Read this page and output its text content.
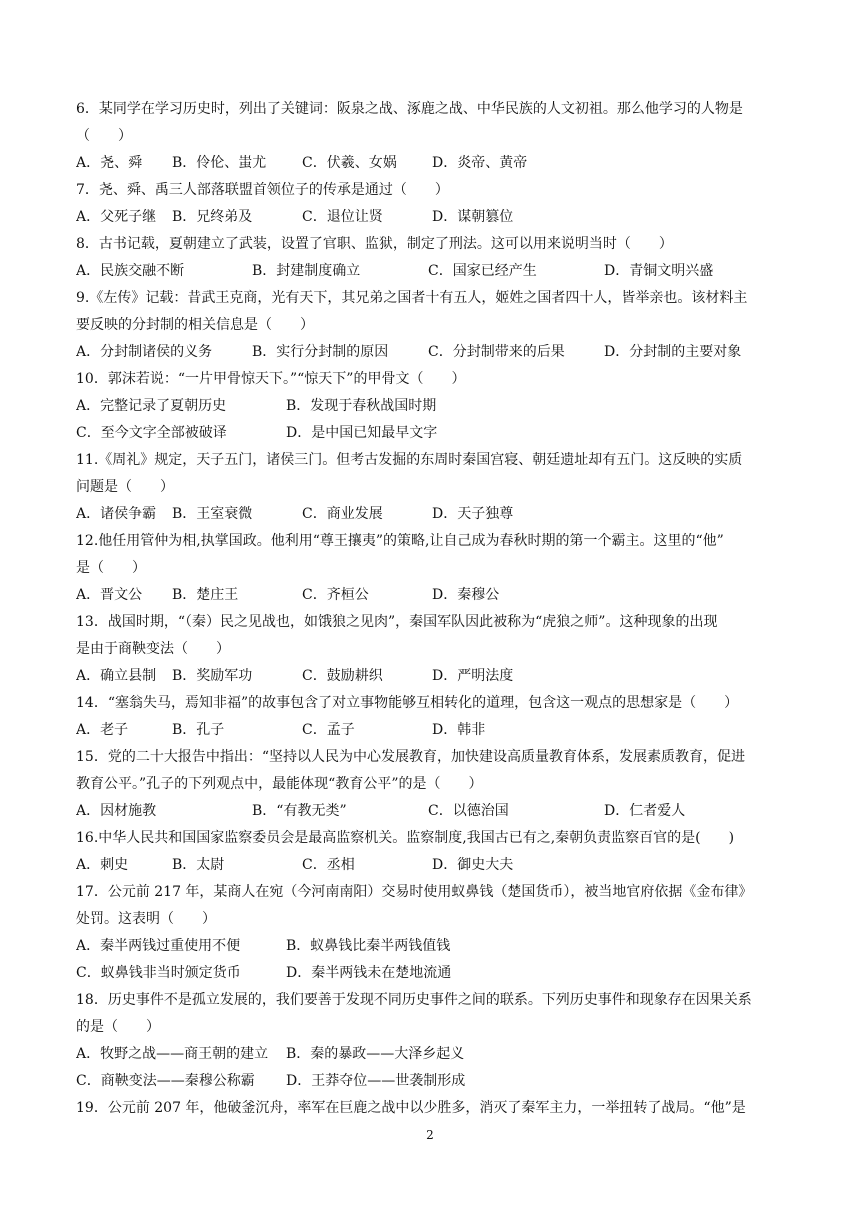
6．某同学在学习历史时，列出了关键词：阪泉之战、涿鹿之战、中华民族的人文初祖。那么他学习的人物是
（　　）
A．尧、舜 B．伶伦、蚩尤	C．伏羲、女娲	D．炎帝、黄帝
7．尧、舜、禹三人部落联盟首领位子的传承是通过（　　）
A．父死子继 B．兄终弟及	C．退位让贤	D．谋朝篡位
8．古书记载，夏朝建立了武装，设置了官职、监狱，制定了刑法。这可以用来说明当时（　　）
A．民族交融不断	B．封建制度确立	C．国家已经产生	D．青铜文明兴盛
9.《左传》记载：昔武王克商，光有天下，其兄弟之国者十有五人，姬姓之国者四十人，皆举亲也。该材料主
要反映的分封制的相关信息是（　　）
A．分封制诸侯的义务	B．实行分封制的原因	C．分封制带来的后果	D．分封制的主要对象
10．郭沫若说：“一片甲骨惊天下。”“惊天下”的甲骨文（　　）
A．完整记录了夏朝历史	B．发现于春秋战国时期
C．至今文字全部被破译	D．是中国已知最早文字
11.《周礼》规定，天子五门，诸侯三门。但考古发掘的东周时秦国宫寝、朝廷遗址却有五门。这反映的实质
问题是（　　）
A．诸侯争霸 B．王室衰微	C．商业发展	D．天子独尊
12.他任用管仲为相,执掌国政。他利用“尊王攘夷”的策略,让自己成为春秋时期的第一个霸主。这里的“他”
是（　　）
A．晋文公 B．楚庄王	C．齐桓公	D．秦穆公
13．战国时期，“（秦）民之见战也，如饿狼之见肉”，秦国军队因此被称为“虎狼之师”。这种现象的出现
是由于商鞅变法（　　）
A．确立县制 B．奖励军功	C．鼓励耕织	D．严明法度
14．“塞翁失马，焉知非福”的故事包含了对立事物能够互相转化的道理，包含这一观点的思想家是（　　）
A．老子	B．孔子	C．孟子	D．韩非
15．党的二十大报告中指出：“坚持以人民为中心发展教育，加快建设高质量教育体系，发展素质教育，促进
教育公平。”孔子的下列观点中，最能体现“教育公平”的是（　　）
A．因材施教	B．“有教无类”	C．以德治国	D．仁者爱人
16.中华人民共和国国家监察委员会是最高监察机关。监察制度,我国古已有之,秦朝负责监察百官的是(　　)
A．刺史	B．太尉	C．丞相	D．御史大夫
17．公元前 217 年，某商人在宛（今河南南阳）交易时使用蚁鼻钱（楚国货币），被当地官府依据《金布律》
处罚。这表明（　　）
A．秦半两钱过重使用不便	B．蚁鼻钱比秦半两钱值钱
C．蚁鼻钱非当时颁定货币	D．秦半两钱未在楚地流通
18．历史事件不是孤立发展的，我们要善于发现不同历史事件之间的联系。下列历史事件和现象存在因果关系
的是（　　）
A．牧野之战——商王朝的建立 B．秦的暴政——大泽乡起义
C．商鞅变法——秦穆公称霸 D．王莽夺位——世袭制形成
19．公元前 207 年，他破釜沉舟，率军在巨鹿之战中以少胜多，消灭了秦军主力，一举扭转了战局。“他”是
2
